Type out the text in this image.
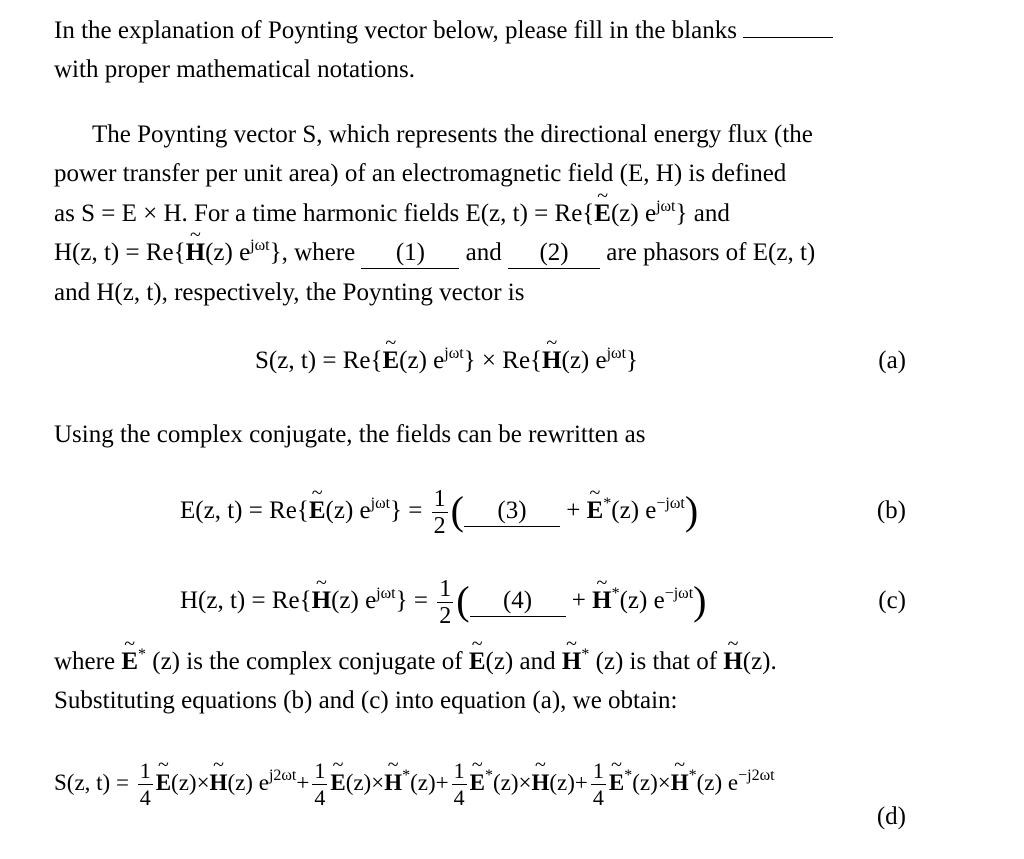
In the explanation of Poynting vector below, please fill in the blanks
with proper mathematical notations.
The Poynting vector S, which represents the directional energy flux (the
power transfer per unit area) of an electromagnetic field (E, H) is defined
as S = E × H. For a time harmonic fields E(z, t) = Re{~ E(z) $e^{j\omega t}$} and
H(z, t) = Re{~ H(z) $e^{j\omega t}$}, where (1) and (2) are phasors of E(z, t)
and H(z, t), respectively, the Poynting vector is
S(z, t) = Re{~ E(z) $e^{j\omega t}$} × Re{~ H(z) $e^{j\omega t}$}	(a)
Using the complex conjugate, the fields can be rewritten as
E(z, t) = Re{~ E(z) $e^{j\omega t}\} = \frac{1}{2}$ ( (3) + ~ E*(z) $e^{-j\omega t}$)	(b)
H(z, t) = Re{~ H(z) $e^{j\omega t}\} = \frac{1}{2}$ ( (4) + ~ H*(z) $e^{-j\omega t}$)	(c)
where ~ E* (z) is the complex conjugate of ~ E(z) and ~ H* (z) is that of ~ H(z).
Substituting equations (b) and (c) into equation (a), we obtain:
S(z, $t) = \frac{1}{4}$ ~ E(z)×~ H(z) $e^{j2\omega t}+ \frac{1}{4}$ ~ E(z)×~ $H^*(z)+ \frac{1}{4}$ ~ E*(z)×~ $H(z)+ \frac{1}{4}$ ~ E*(z)×~ H*(z) $e^{-j2\omega t}$
(d)
